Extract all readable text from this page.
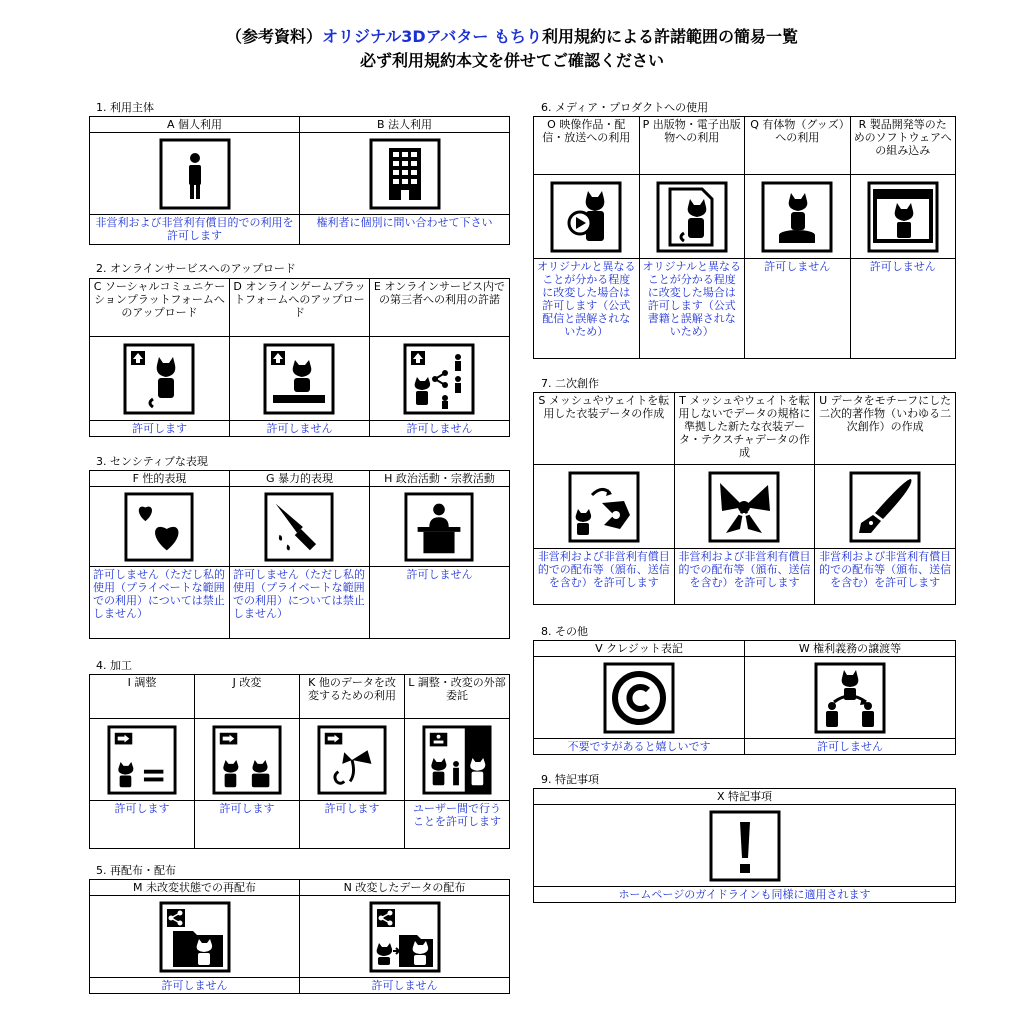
（参考資料）オリジナル3Dアバター もちり利用規約による許諾範囲の簡易一覧
必ず利用規約本文を併せてご確認ください
1. 利用主体
A 個人利用	B 法人利用

非営利および非営利有償目的での利用を許可します	権利者に個別に問い合わせて下さい
2. オンラインサービスへのアップロード
C ソーシャルコミュニケーションプラットフォームへのアップロード	D オンラインゲームプラットフォームへのアップロード	E オンラインサービス内での第三者への利用の許諾

許可します	許可しません	許可しません
3. センシティブな表現
F 性的表現	G 暴力的表現	H 政治活動・宗教活動

許可しません（ただし私的使用（プライベートな範囲での利用）については禁止しません）	許可しません（ただし私的使用（プライベートな範囲での利用）については禁止しません）	許可しません
4. 加工
I 調整	J 改変	K 他のデータを改変するための利用	L 調整・改変の外部委託

許可します	許可します	許可します	ユーザー間で行うことを許可します
5. 再配布・配布
M 未改変状態での再配布	N 改変したデータの配布

許可しません	許可しません
6. メディア・プロダクトへの使用
O 映像作品・配信・放送への利用	P 出版物・電子出版物への利用	Q 有体物（グッズ）への利用	R 製品開発等のためのソフトウェアへの組み込み

オリジナルと異なることが分かる程度に改変した場合は許可します（公式配信と誤解されないため）	オリジナルと異なることが分かる程度に改変した場合は許可します（公式書籍と誤解されないため）	許可しません	許可しません
7. 二次創作
S メッシュやウェイトを転用した衣装データの作成	T メッシュやウェイトを転用しないでデータの規格に準拠した新たな衣装データ・テクスチャデータの作成	U データをモチーフにした二次的著作物（いわゆる二次創作）の作成

非営利および非営利有償目的での配布等（頒布、送信を含む）を許可します	非営利および非営利有償目的での配布等（頒布、送信を含む）を許可します	非営利および非営利有償目的での配布等（頒布、送信を含む）を許可します
8. その他
V クレジット表記	W 権利義務の譲渡等

不要ですがあると嬉しいです	許可しません
9. 特記事項
X 特記事項

ホームページのガイドラインも同様に適用されます
